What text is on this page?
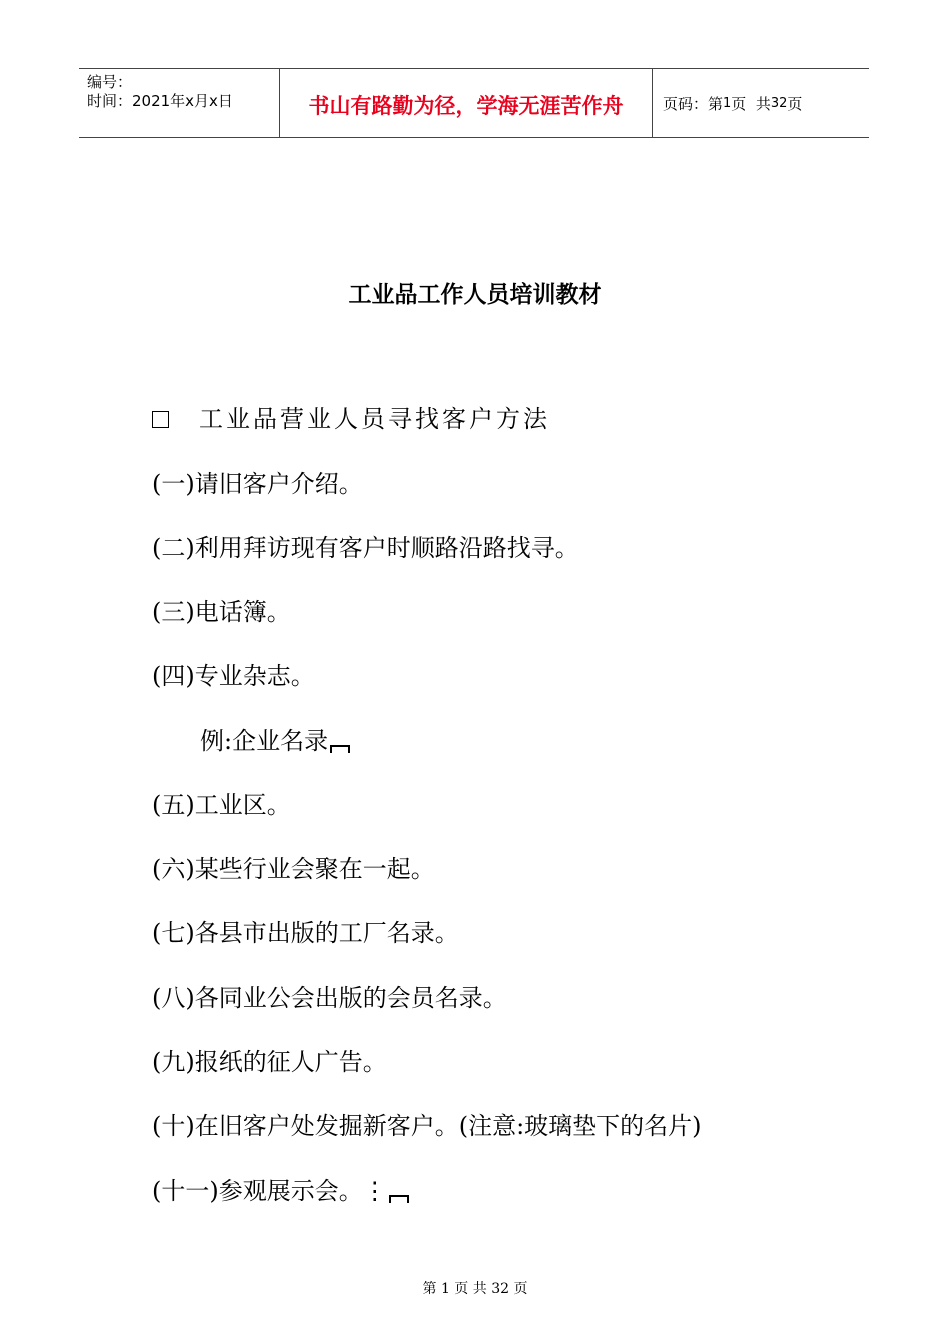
编号：
时间：2021年x月x日	书山有路勤为径，学海无涯苦作舟	页码：第 1 页  共 32 页
工业品工作人员培训教材
工业品营业人员寻找客户方法
(一)请旧客户介绍。
(二)利用拜访现有客户时顺路沿路找寻。
(三)电话簿。
(四)专业杂志。
例:企业名录
(五)工业区。
(六)某些行业会聚在一起。
(七)各县市出版的工厂名录。
(八)各同业公会出版的会员名录。
(九)报纸的征人广告。
(十)在旧客户处发掘新客户。(注意:玻璃垫下的名片)
(十一)参观展示会。⋮
第 1 页 共 32 页
